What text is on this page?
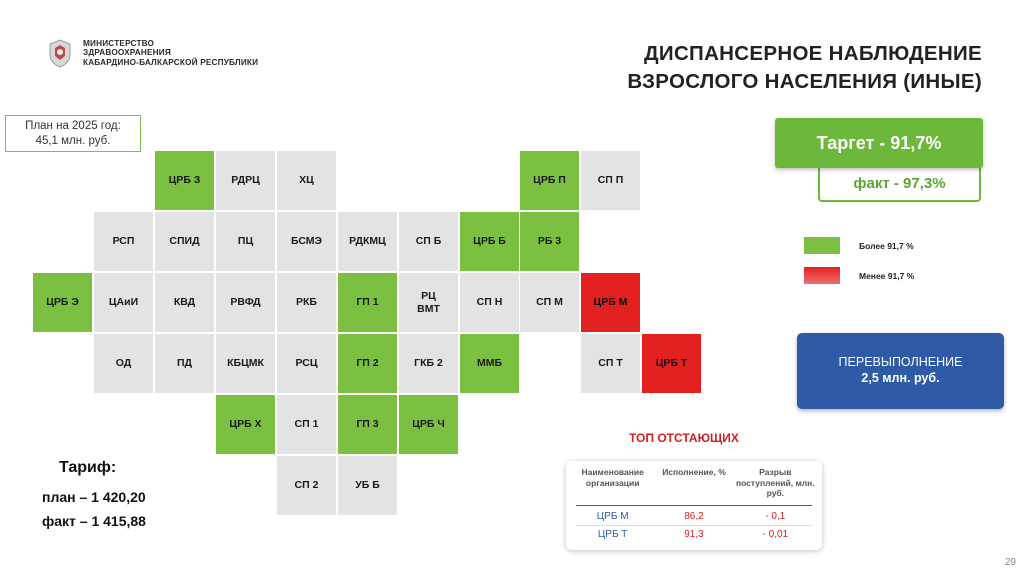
МИНИСТЕРСТВО
ЗДРАВООХРАНЕНИЯ
КАБАРДИНО-БАЛКАРСКОЙ РЕСПУБЛИКИ	ДИСПАНСЕРНОЕ НАБЛЮДЕНИЕ
ВЗРОСЛОГО НАСЕЛЕНИЯ (ИНЫЕ)
План на 2025 год:
45,1 млн. руб.
ЦРБ З	РДРЦ	ХЦ	ЦРБ П	СП П
РСП	СПИД	ПЦ	БСМЭ	РДКМЦ	СП Б	ЦРБ Б	РБ 3
ЦРБ Э	ЦАиИ	КВД	РВФД	РКБ	ГП 1
РЦ ВМТ
СП Н	СП М	ЦРБ М
ОД	ПД	КБЦМК	РСЦ	ГП 2	ГКБ 2	ММБ	СП Т	ЦРБ Т
ЦРБ Х	СП 1	ГП 3	ЦРБ Ч
СП 2	УБ Б
факт - 97,3%
Таргет - 91,7%
Более 91,7 %
Менее 91,7 %
ПЕРЕВЫПОЛНЕНИЕ
2,5 млн. руб.
ТОП ОТСТАЮЩИХ
Наименование организации
Исполнение, %	Разрыв поступлений, млн. руб.
ЦРБ М	86,2	- 0,1
ЦРБ Т	91,3	- 0,01
Тариф:
план – 1 420,20
факт – 1 415,88
29
